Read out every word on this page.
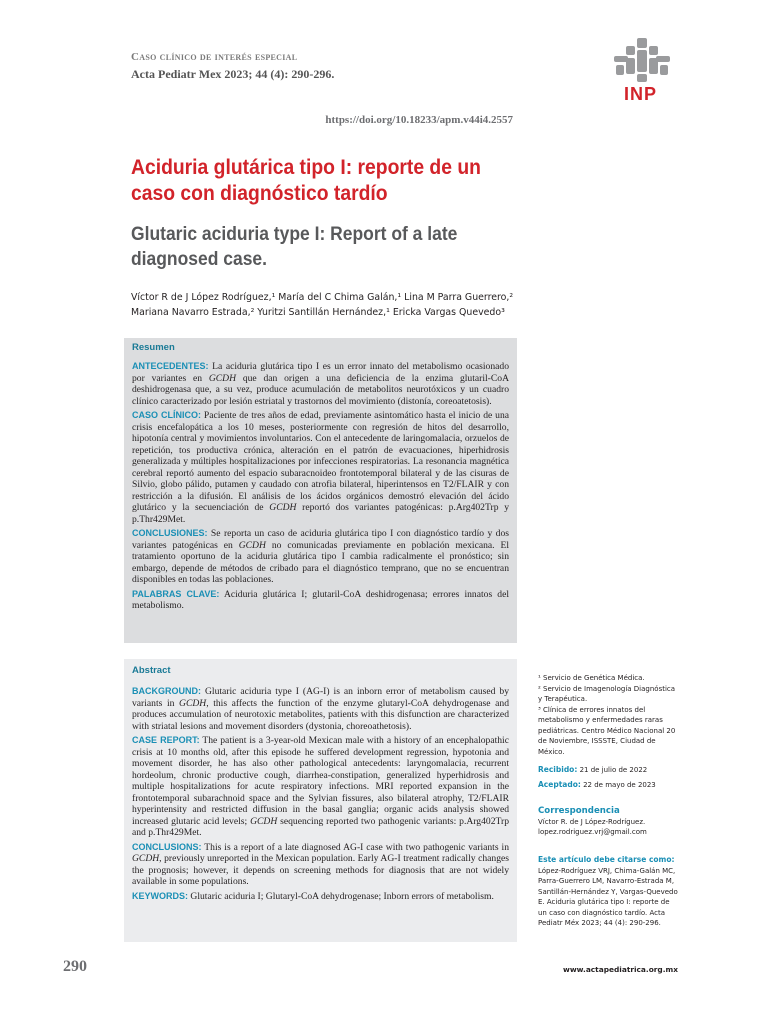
Caso clínico de interés especial
Acta Pediatr Mex 2023; 44 (4): 290-296.
https://doi.org/10.18233/apm.v44i4.2557
INP
Aciduria glutárica tipo I: reporte de un caso con diagnóstico tardío
Glutaric aciduria type I: Report of a late diagnosed case.
Víctor R de J López Rodríguez,¹ María del C Chima Galán,¹ Lina M Parra Guerrero,²
Mariana Navarro Estrada,² Yuritzi Santillán Hernández,¹ Ericka Vargas Quevedo³
Resumen

ANTECEDENTES: La aciduria glutárica tipo I es un error innato del metabolismo ocasionado por variantes en GCDH que dan origen a una deficiencia de la enzima glutaril-CoA deshidrogenasa que, a su vez, produce acumulación de metabolitos neurotóxicos y un cuadro clínico caracterizado por lesión estriatal y trastornos del movimiento (distonía, coreoatetosis).

CASO CLÍNICO: Paciente de tres años de edad, previamente asintomático hasta el inicio de una crisis encefalopática a los 10 meses, posteriormente con regresión de hitos del desarrollo, hipotonía central y movimientos involuntarios. Con el antecedente de laringomalacia, orzuelos de repetición, tos productiva crónica, alteración en el patrón de evacuaciones, hiperhidrosis generalizada y múltiples hospitalizaciones por infecciones respiratorias. La resonancia magnética cerebral reportó aumento del espacio subaracnoideo frontotemporal bilateral y de las cisuras de Silvio, globo pálido, putamen y caudado con atrofia bilateral, hiperintensos en T2/FLAIR y con restricción a la difusión. El análisis de los ácidos orgánicos demostró elevación del ácido glutárico y la secuenciación de GCDH reportó dos variantes patogénicas: p.Arg402Trp y p.Thr429Met.

CONCLUSIONES: Se reporta un caso de aciduria glutárica tipo I con diagnóstico tardío y dos variantes patogénicas en GCDH no comunicadas previamente en población mexicana. El tratamiento oportuno de la aciduria glutárica tipo I cambia radicalmente el pronóstico; sin embargo, depende de métodos de cribado para el diagnóstico temprano, que no se encuentran disponibles en todas las poblaciones.

PALABRAS CLAVE: Aciduria glutárica I; glutaril-CoA deshidrogenasa; errores innatos del metabolismo.

Abstract

BACKGROUND: Glutaric aciduria type I (AG-I) is an inborn error of metabolism caused by variants in GCDH, this affects the function of the enzyme glutaryl-CoA dehydrogenase and produces accumulation of neurotoxic metabolites, patients with this disfunction are characterized with striatal lesions and movement disorders (dystonia, choreoathetosis).

CASE REPORT: The patient is a 3-year-old Mexican male with a history of an encephalopathic crisis at 10 months old, after this episode he suffered development regression, hypotonia and movement disorder, he has also other pathological antecedents: laryngomalacia, recurrent hordeolum, chronic productive cough, diarrhea-constipation, generalized hyperhidrosis and multiple hospitalizations for acute respiratory infections. MRI reported expansion in the frontotemporal subarachnoid space and the Sylvian fissures, also bilateral atrophy, T2/FLAIR hyperintensity and restricted diffusion in the basal ganglia; organic acids analysis showed increased glutaric acid levels; GCDH sequencing reported two pathogenic variants: p.Arg402Trp and p.Thr429Met.

CONCLUSIONS: This is a report of a late diagnosed AG-I case with two pathogenic variants in GCDH, previously unreported in the Mexican population. Early AG-I treatment radically changes the prognosis; however, it depends on screening methods for diagnosis that are not widely available in some populations.

KEYWORDS: Glutaric aciduria I; Glutaryl-CoA dehydrogenase; Inborn errors of metabolism.

¹ Servicio de Genética Médica.
² Servicio de Imagenología Diagnóstica y Terapéutica.
³ Clínica de errores innatos del metabolismo y enfermedades raras pediátricas. Centro Médico Nacional 20 de Noviembre, ISSSTE, Ciudad de México.
Recibido: 21 de julio de 2022
Aceptado: 22 de mayo de 2023
Correspondencia
Víctor R. de J López-Rodríguez.
lopez.rodriguez.vrj@gmail.com
Este artículo debe citarse como: López-Rodríguez VRJ, Chima-Galán MC, Parra-Guerrero LM, Navarro-Estrada M, Santillán-Hernández Y, Vargas-Quevedo E. Aciduria glutárica tipo I: reporte de un caso con diagnóstico tardío. Acta Pediatr Méx 2023; 44 (4): 290-296.
290	www.actapediatrica.org.mx
